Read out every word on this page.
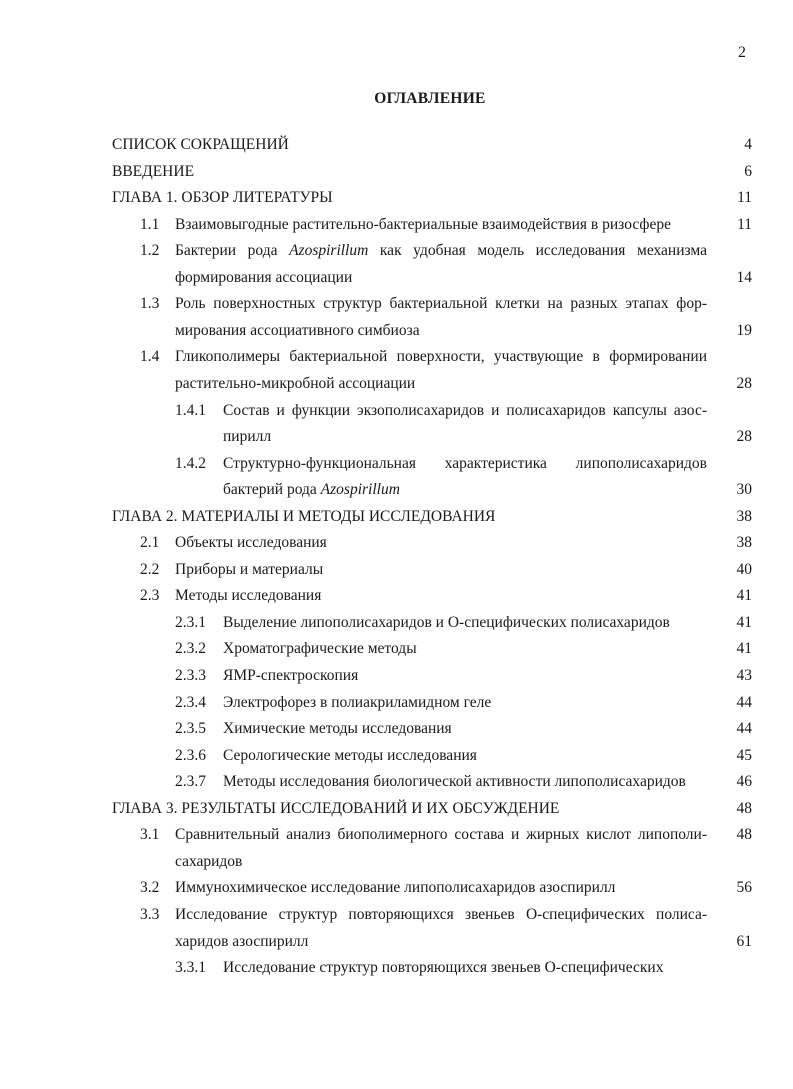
2
ОГЛАВЛЕНИЕ
СПИСОК СОКРАЩЕНИЙ	4
ВВЕДЕНИЕ	6
ГЛАВА 1. ОБЗОР ЛИТЕРАТУРЫ	11
1.1 Взаимовыгодные растительно-бактериальные взаимодействия в ризосфере	11
1.2 Бактерии рода Azospirillum как удобная модель исследования механизма
формирования ассоциации	14
1.3 Роль поверхностных структур бактериальной клетки на разных этапах фор-
мирования ассоциативного симбиоза	19
1.4 Гликополимеры бактериальной поверхности, участвующие в формировании
растительно-микробной ассоциации	28
1.4.1 Состав и функции экзополисахаридов и полисахаридов капсулы азос-
пирилл	28
1.4.2 Структурно-функциональная характеристика липополисахаридов
бактерий рода Azospirillum	30
ГЛАВА 2. МАТЕРИАЛЫ И МЕТОДЫ ИССЛЕДОВАНИЯ	38
2.1 Объекты исследования	38
2.2 Приборы и материалы	40
2.3 Методы исследования	41
2.3.1 Выделение липополисахаридов и О-специфических полисахаридов	41
2.3.2 Хроматографические методы	41
2.3.3 ЯМР-спектроскопия	43
2.3.4 Электрофорез в полиакриламидном геле	44
2.3.5 Химические методы исследования	44
2.3.6 Серологические методы исследования	45
2.3.7 Методы исследования биологической активности липополисахаридов	46
ГЛАВА 3. РЕЗУЛЬТАТЫ ИССЛЕДОВАНИЙ И ИХ ОБСУЖДЕНИЕ	48
3.1 Сравнительный анализ биополимерного состава и жирных кислот липополи-	48
сахаридов
3.2 Иммунохимическое исследование липополисахаридов азоспирилл	56
3.3 Исследование структур повторяющихся звеньев О-специфических полиса-
харидов азоспирилл	61
3.3.1 Исследование структур повторяющихся звеньев О-специфических
